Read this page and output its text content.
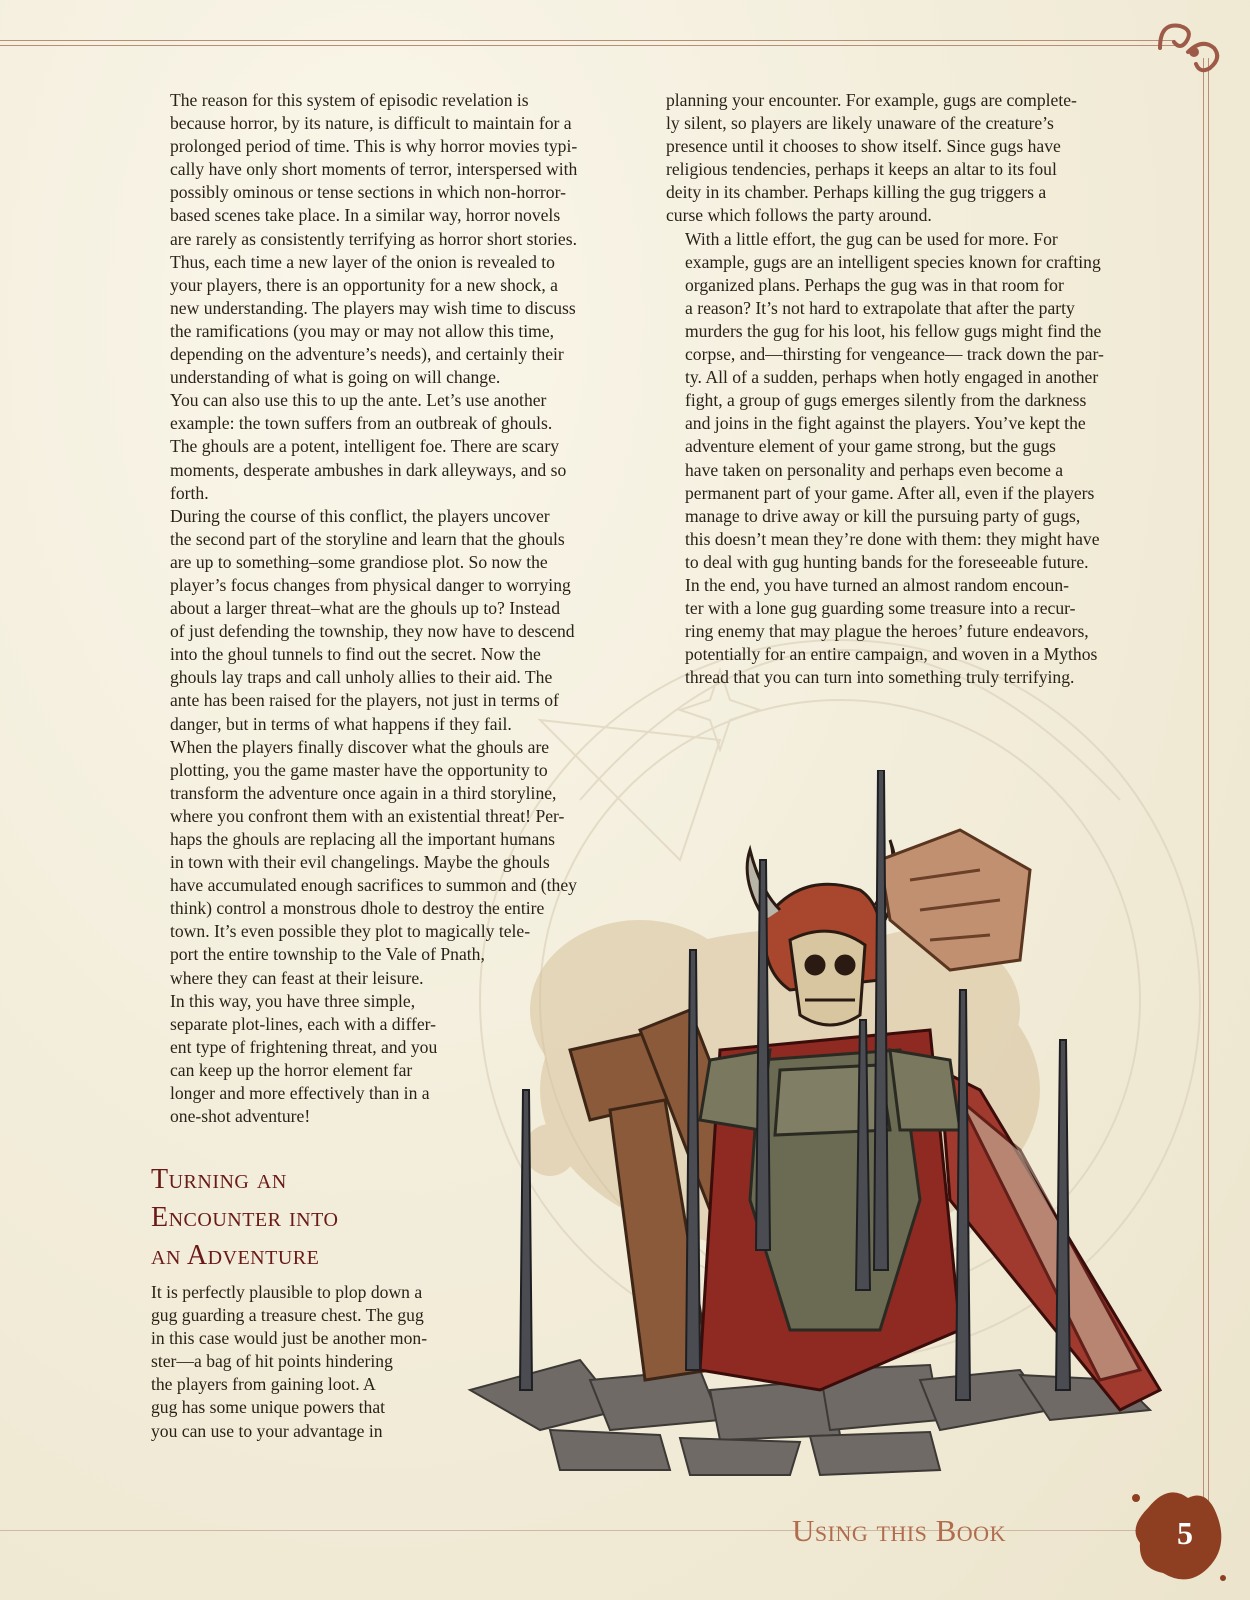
The reason for this system of episodic revelation is
because horror, by its nature, is difficult to maintain for a
prolonged period of time. This is why horror movies typi-
cally have only short moments of terror, interspersed with
possibly ominous or tense sections in which non-horror-
based scenes take place. In a similar way, horror novels
are rarely as consistently terrifying as horror short stories.

Thus, each time a new layer of the onion is revealed to
your players, there is an opportunity for a new shock, a
new understanding. The players may wish time to discuss
the ramifications (you may or may not allow this time,
depending on the adventure’s needs), and certainly their
understanding of what is going on will change.

You can also use this to up the ante. Let’s use another
example: the town suffers from an outbreak of ghouls.
The ghouls are a potent, intelligent foe. There are scary
moments, desperate ambushes in dark alleyways, and so
forth.

During the course of this conflict, the players uncover
the second part of the storyline and learn that the ghouls
are up to something–some grandiose plot. So now the
player’s focus changes from physical danger to worrying
about a larger threat–what are the ghouls up to? Instead
of just defending the township, they now have to descend
into the ghoul tunnels to find out the secret. Now the
ghouls lay traps and call unholy allies to their aid. The
ante has been raised for the players, not just in terms of
danger, but in terms of what happens if they fail.

When the players finally discover what the ghouls are
plotting, you the game master have the opportunity to
transform the adventure once again in a third storyline,
where you confront them with an existential threat! Per-
haps the ghouls are replacing all the important humans
in town with their evil changelings. Maybe the ghouls
have accumulated enough sacrifices to summon and (they
think) control a monstrous dhole to destroy the entire
town. It’s even possible they plot to magically tele-
port the entire township to the Vale of Pnath,
where they can feast at their leisure.

In this way, you have three simple,
separate plot-lines, each with a differ-
ent type of frightening threat, and you
can keep up the horror element far
longer and more effectively than in a
one-shot adventure!

Turning an
Encounter into
an Adventure
It is perfectly plausible to plop down a
gug guarding a treasure chest. The gug
in this case would just be another mon-
ster—a bag of hit points hindering
the players from gaining loot. A
gug has some unique powers that
you can use to your advantage in

planning your encounter. For example, gugs are complete-
ly silent, so players are likely unaware of the creature’s
presence until it chooses to show itself. Since gugs have
religious tendencies, perhaps it keeps an altar to its foul
deity in its chamber. Perhaps killing the gug triggers a
curse which follows the party around.

With a little effort, the gug can be used for more. For
example, gugs are an intelligent species known for crafting
organized plans. Perhaps the gug was in that room for
a reason? It’s not hard to extrapolate that after the party
murders the gug for his loot, his fellow gugs might find the
corpse, and—thirsting for vengeance— track down the par-
ty. All of a sudden, perhaps when hotly engaged in another
fight, a group of gugs emerges silently from the darkness
and joins in the fight against the players. You’ve kept the
adventure element of your game strong, but the gugs
have taken on personality and perhaps even become a
permanent part of your game. After all, even if the players
manage to drive away or kill the pursuing party of gugs,
this doesn’t mean they’re done with them: they might have
to deal with gug hunting bands for the foreseeable future.

In the end, you have turned an almost random encoun-
ter with a lone gug guarding some treasure into a recur-
ring enemy that may plague the heroes’ future endeavors,
potentially for an entire campaign, and woven in a Mythos
thread that you can turn into something truly terrifying.

Using this Book	5
